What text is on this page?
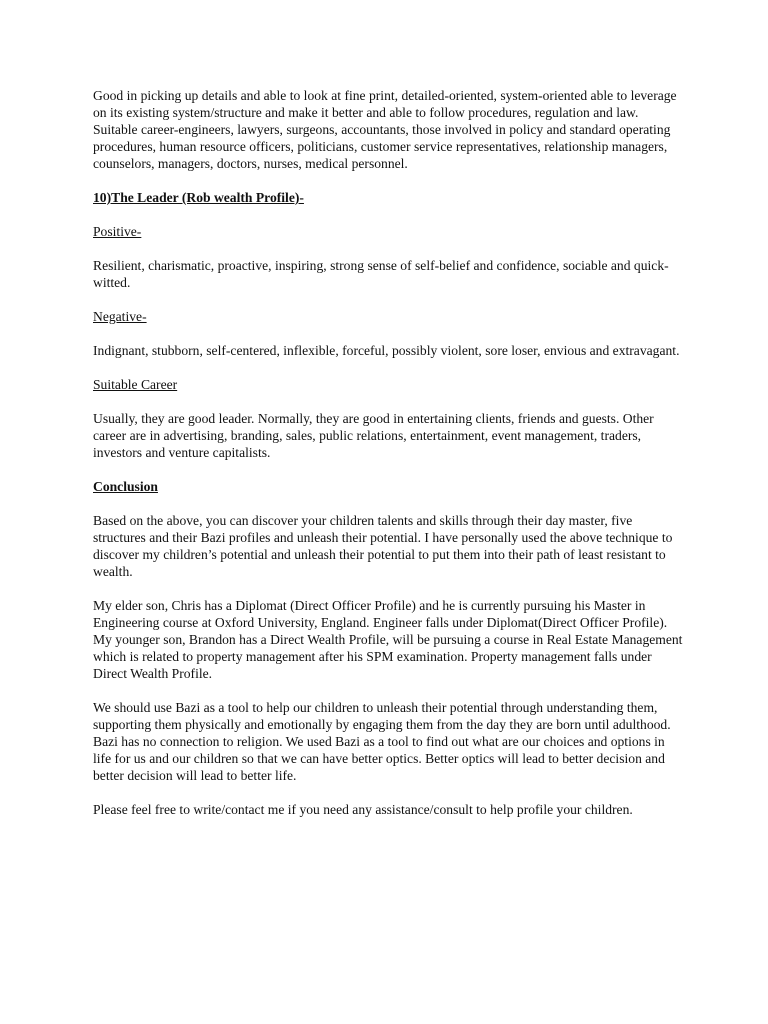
Good in picking up details and able to look at fine print, detailed-oriented, system-oriented able to leverage on its existing system/structure and make it better and able to follow procedures, regulation and law. Suitable career-engineers, lawyers, surgeons, accountants, those involved in policy and standard operating procedures, human resource officers, politicians, customer service representatives, relationship managers, counselors, managers, doctors, nurses, medical personnel.

10)The Leader (Rob wealth Profile)-

Positive-

Resilient, charismatic, proactive, inspiring, strong sense of self-belief and confidence, sociable and quick-witted.

Negative-

Indignant, stubborn, self-centered, inflexible, forceful, possibly violent, sore loser, envious and extravagant.

Suitable Career

Usually, they are good leader. Normally, they are good in entertaining clients, friends and guests. Other career are in advertising, branding, sales, public relations, entertainment, event management, traders, investors and venture capitalists.

Conclusion

Based on the above, you can discover your children talents and skills through their day master, five structures and their Bazi profiles and unleash their potential. I have personally used the above technique to discover my children’s potential and unleash their potential to put them into their path of least resistant to wealth.

My elder son, Chris has a Diplomat (Direct Officer Profile) and he is currently pursuing his Master in Engineering course at Oxford University, England. Engineer falls under Diplomat(Direct Officer Profile). My younger son, Brandon has a Direct Wealth Profile, will be pursuing a course in Real Estate Management which is related to property management after his SPM examination. Property management falls under Direct Wealth Profile.

We should use Bazi as a tool to help our children to unleash their potential through understanding them, supporting them physically and emotionally by engaging them from the day they are born until adulthood. Bazi has no connection to religion. We used Bazi as a tool to find out what are our choices and options in life for us and our children so that we can have better optics. Better optics will lead to better decision and better decision will lead to better life.

Please feel free to write/contact me if you need any assistance/consult to help profile your children.
